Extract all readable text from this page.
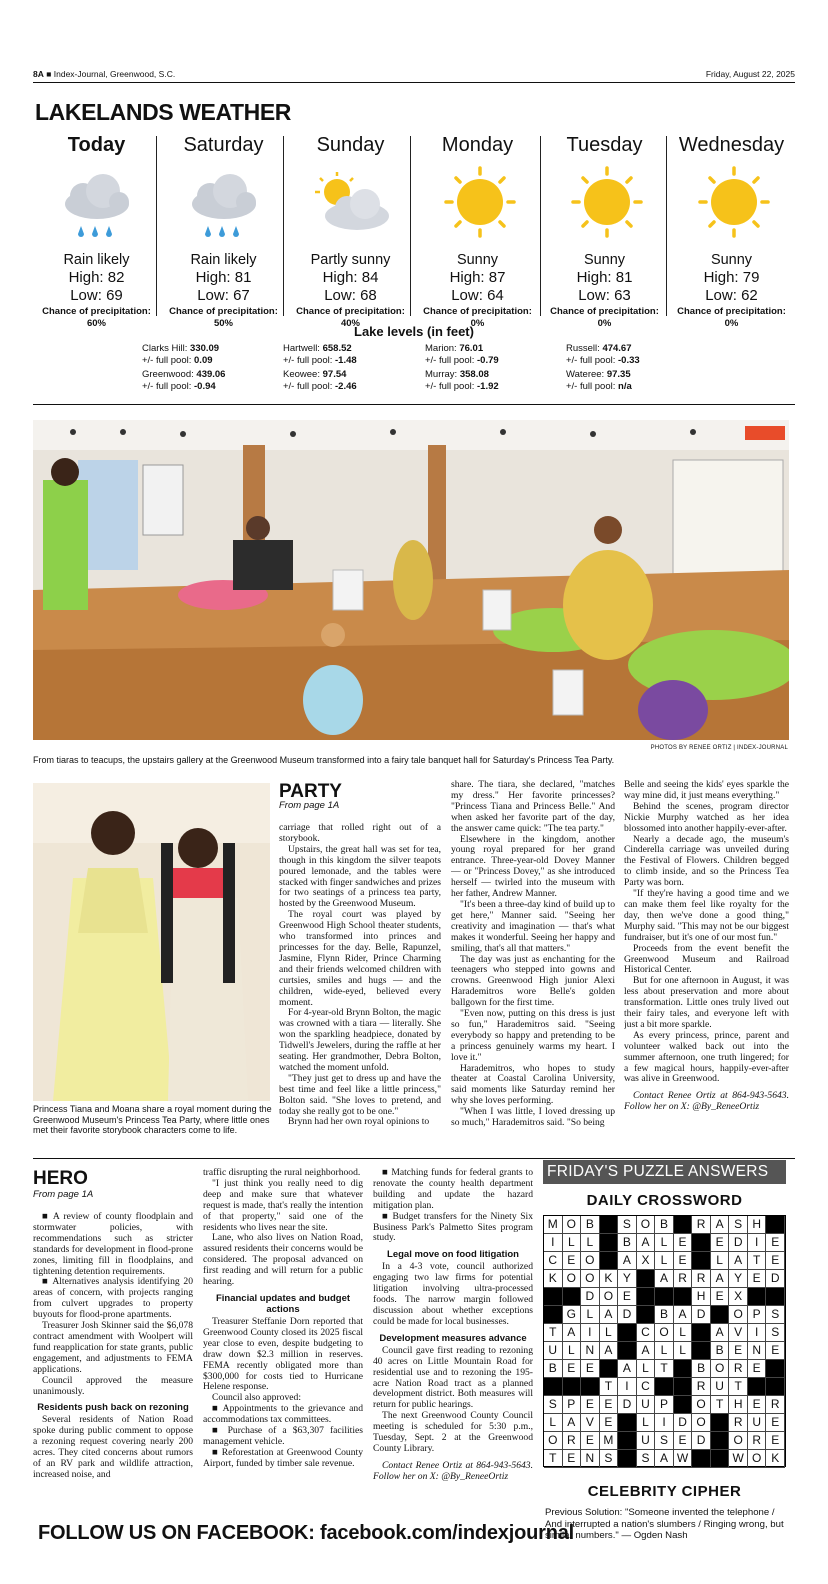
8A ■ Index-Journal, Greenwood, S.C.	Friday, August 22, 2025
LAKELANDS WEATHER
Today
Rain likely
High: 82
Low: 69
Chance of precipitation:
60%
Saturday
Rain likely
High: 81
Low: 67
Chance of precipitation:
50%
Sunday
Partly sunny
High: 84
Low: 68
Chance of precipitation:
40%
Monday
Sunny
High: 87
Low: 64
Chance of precipitation:
0%
Tuesday
Sunny
High: 81
Low: 63
Chance of precipitation:
0%
Wednesday
Sunny
High: 79
Low: 62
Chance of precipitation:
0%
Lake levels (in feet)
Clarks Hill: 330.09
+/- full pool: 0.09
Greenwood: 439.06
+/- full pool: -0.94
Hartwell: 658.52
+/- full pool: -1.48
Keowee: 97.54
+/- full pool: -2.46
Marion: 76.01
+/- full pool: -0.79
Murray: 358.08
+/- full pool: -1.92
Russell: 474.67
+/- full pool: -0.33
Wateree: 97.35
+/- full pool: n/a
PHOTOS BY RENEE ORTIZ | INDEX-JOURNAL
From tiaras to teacups, the upstairs gallery at the Greenwood Museum transformed into a fairy tale banquet hall for Saturday's Princess Tea Party.
Princess Tiana and Moana share a royal moment during the Greenwood Museum's Princess Tea Party, where little ones met their favorite storybook characters come to life.
PARTY
From page 1A

carriage that rolled right out of a storybook.

Upstairs, the great hall was set for tea, though in this kingdom the silver teapots poured lemonade, and the tables were stacked with finger sandwiches and prizes for two seatings of a princess tea party, hosted by the Greenwood Museum.

The royal court was played by Greenwood High School theater students, who transformed into princes and princesses for the day. Belle, Rapunzel, Jasmine, Flynn Rider, Prince Charming and their friends welcomed children with curtsies, smiles and hugs — and the children, wide-eyed, believed every moment.

For 4-year-old Brynn Bolton, the magic was crowned with a tiara — literally. She won the sparkling headpiece, donated by Tidwell's Jewelers, during the raffle at her seating. Her grandmother, Debra Bolton, watched the moment unfold.

"They just get to dress up and have the best time and feel like a little princess," Bolton said. "She loves to pretend, and today she really got to be one."

Brynn had her own royal opinions to

share. The tiara, she declared, "matches my dress." Her favorite princesses? "Princess Tiana and Princess Belle." And when asked her favorite part of the day, the answer came quick: "The tea party."

Elsewhere in the kingdom, another young royal prepared for her grand entrance. Three-year-old Dovey Manner — or "Princess Dovey," as she introduced herself — twirled into the museum with her father, Andrew Manner.

"It's been a three-day kind of build up to get here," Manner said. "Seeing her creativity and imagination — that's what makes it wonderful. Seeing her happy and smiling, that's all that matters."

The day was just as enchanting for the teenagers who stepped into gowns and crowns. Greenwood High junior Alexi Harademitros wore Belle's golden ballgown for the first time.

"Even now, putting on this dress is just so fun," Harademitros said. "Seeing everybody so happy and pretending to be a princess genuinely warms my heart. I love it."

Harademitros, who hopes to study theater at Coastal Carolina University, said moments like Saturday remind her why she loves performing.

"When I was little, I loved dressing up so much," Harademitros said. "So being

Belle and seeing the kids' eyes sparkle the way mine did, it just means everything."

Behind the scenes, program director Nickie Murphy watched as her idea blossomed into another happily-ever-after.

Nearly a decade ago, the museum's Cinderella carriage was unveiled during the Festival of Flowers. Children begged to climb inside, and so the Princess Tea Party was born.

"If they're having a good time and we can make them feel like royalty for the day, then we've done a good thing," Murphy said. "This may not be our biggest fundraiser, but it's one of our most fun."

Proceeds from the event benefit the Greenwood Museum and Railroad Historical Center.

But for one afternoon in August, it was less about preservation and more about transformation. Little ones truly lived out their fairy tales, and everyone left with just a bit more sparkle.

As every princess, prince, parent and volunteer walked back out into the summer afternoon, one truth lingered; for a few magical hours, happily-ever-after was alive in Greenwood.

Contact Renee Ortiz at 864-943-5643. Follow her on X: @By_ReneeOrtiz

HERO
From page 1A

■ A review of county floodplain and stormwater policies, with recommendations such as stricter standards for development in flood-prone zones, limiting fill in floodplains, and tightening detention requirements.

■ Alternatives analysis identifying 20 areas of concern, with projects ranging from culvert upgrades to property buyouts for flood-prone apartments.

Treasurer Josh Skinner said the $6,078 contract amendment with Woolpert will fund reapplication for state grants, public engagement, and adjustments to FEMA applications.

Council approved the measure unanimously.

Residents push back on rezoning

Several residents of Nation Road spoke during public comment to oppose a rezoning request covering nearly 200 acres. They cited concerns about rumors of an RV park and wildlife attraction, increased noise, and

traffic disrupting the rural neighborhood.

"I just think you really need to dig deep and make sure that whatever request is made, that's really the intention of that property," said one of the residents who lives near the site.

Lane, who also lives on Nation Road, assured residents their concerns would be considered. The proposal advanced on first reading and will return for a public hearing.

Financial updates and budget actions

Treasurer Steffanie Dorn reported that Greenwood County closed its 2025 fiscal year close to even, despite budgeting to draw down $2.3 million in reserves. FEMA recently obligated more than $300,000 for costs tied to Hurricane Helene response.

Council also approved:

■ Appointments to the grievance and accommodations tax committees.

■ Purchase of a $63,307 facilities management vehicle.

■ Reforestation at Greenwood County Airport, funded by timber sale revenue.

■ Matching funds for federal grants to renovate the county health department building and update the hazard mitigation plan.

■ Budget transfers for the Ninety Six Business Park's Palmetto Sites program study.

Legal move on food litigation

In a 4-3 vote, council authorized engaging two law firms for potential litigation involving ultra-processed foods. The narrow margin followed discussion about whether exceptions could be made for local businesses.

Development measures advance

Council gave first reading to rezoning 40 acres on Little Mountain Road for residential use and to rezoning the 195-acre Nation Road tract as a planned development district. Both measures will return for public hearings.

The next Greenwood County Council meeting is scheduled for 5:30 p.m., Tuesday, Sept. 2 at the Greenwood County Library.

Contact Renee Ortiz at 864-943-5643. Follow her on X: @By_ReneeOrtiz

FRIDAY'S PUZZLE ANSWERS
DAILY CROSSWORD
M O B	S O B	R A S H
I	L L	B A L E	E D	I	E
C E O	A X L E	L A T E
K O O K Y	A R R A Y E D
D O E	H E X
G L A D	B A D	O P S
T A	I	L	C O L	A V	I	S
U L N A	A L L	B E N E
B E E	A L T	B O R E
T	I	C	R U T
S P E E D U P	O T H E R
L A V E	L	I	D O	R U E
O R E M	U S E D	O R E
T E N S	S A W	W O K
CELEBRITY CIPHER
Previous Solution: "Someone invented the telephone / And interrupted a nation's slumbers / Ringing wrong, but similar numbers." — Ogden Nash
FOLLOW US ON FACEBOOK: facebook.com/indexjournal
